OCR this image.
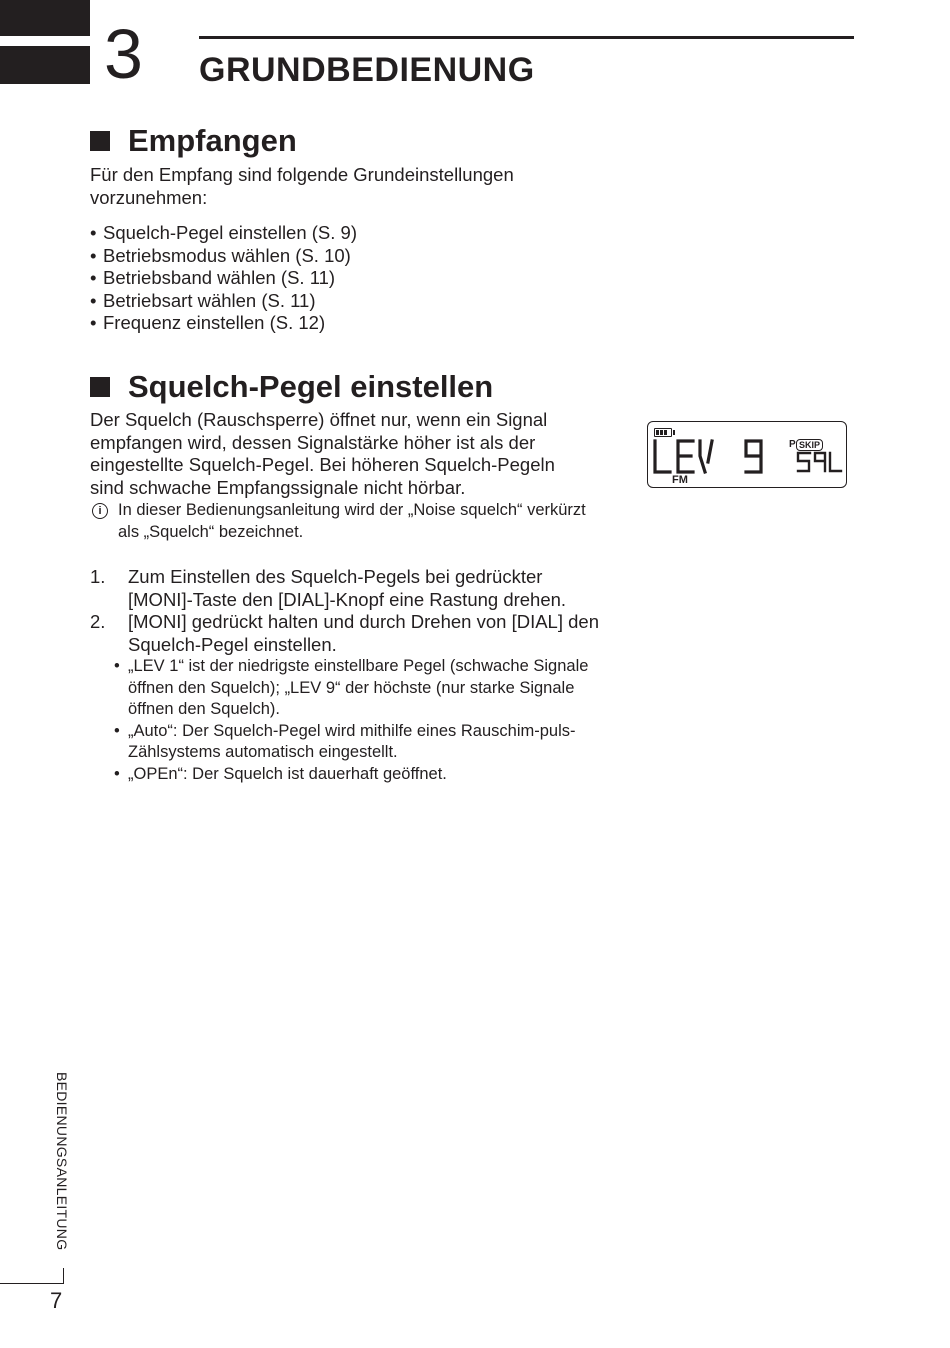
3 GRUNDBEDIENUNG
Empfangen
Für den Empfang sind folgende Grundeinstellungen vorzunehmen:
• Squelch-Pegel einstellen (S. 9)
• Betriebsmodus wählen (S. 10)
• Betriebsband wählen (S. 11)
• Betriebsart wählen (S. 11)
• Frequenz einstellen (S. 12)
Squelch-Pegel einstellen
Der Squelch (Rauschsperre) öffnet nur, wenn ein Signal empfangen wird, dessen Signalstärke höher ist als der eingestellte Squelch-Pegel. Bei höheren Squelch-Pegeln sind schwache Empfangssignale nicht hörbar.
i In dieser Bedienungsanleitung wird der „Noise squelch“ verkürzt als „Squelch“ bezeichnet.
1.	Zum Einstellen des Squelch-Pegels bei gedrückter [MONI]-Taste den [DIAL]-Knopf eine Rastung drehen.
2.	[MONI] gedrückt halten und durch Drehen von [DIAL] den Squelch-Pegel einstellen.
• „LEV 1“ ist der niedrigste einstellbare Pegel (schwache Signale öffnen den Squelch); „LEV 9“ der höchste (nur starke Signale öffnen den Squelch).
• „Auto“: Der Squelch-Pegel wird mithilfe eines Rauschim-puls-Zählsystems automatisch eingestellt.
• „OPEn“: Der Squelch ist dauerhaft geöffnet.
P SKIP
FM
BEDIENUNGSANLEITUNG
7
